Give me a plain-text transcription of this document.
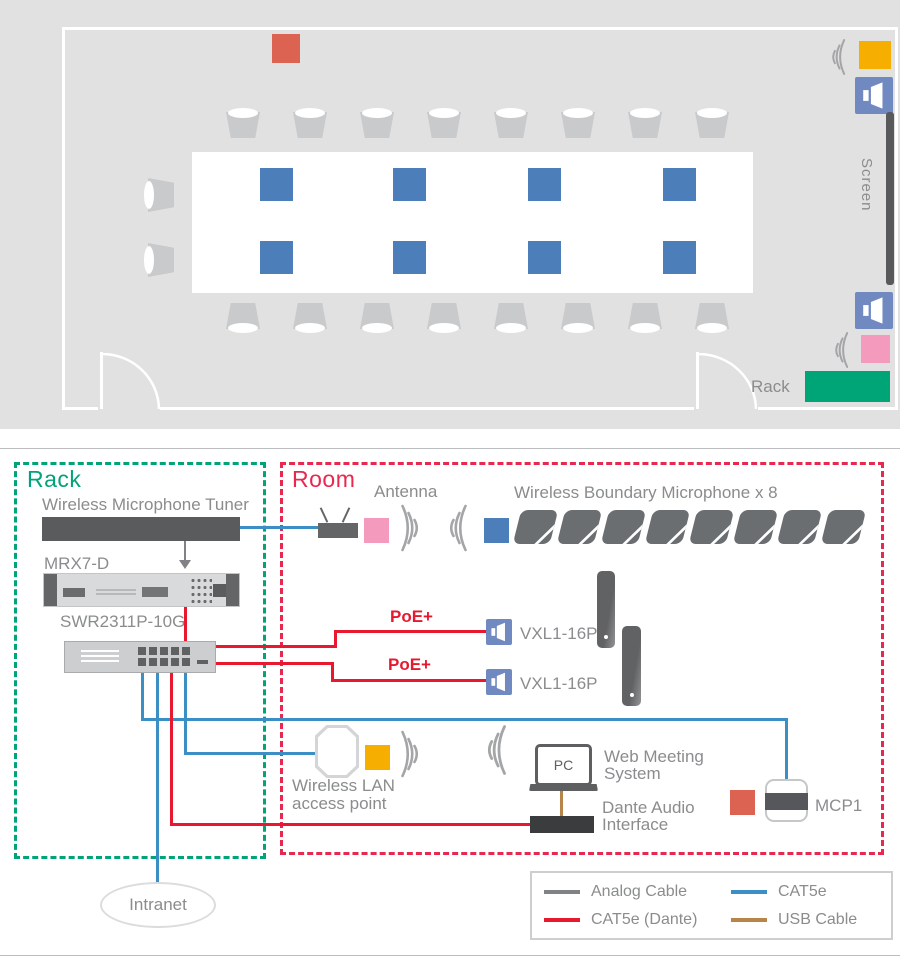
Screen
Rack
Rack	Room
Wireless Microphone Tuner
MRX7-D
SWR2311P-10G
Antenna	Wireless Boundary Microphone x 8
PoE+
PoE+
VXL1-16P
VXL1-16P
Wireless LAN
access point
PC Web Meeting
System
Dante Audio
Interface
MCP1
Intranet
Analog Cable	CAT5e
CAT5e (Dante)	USB Cable
